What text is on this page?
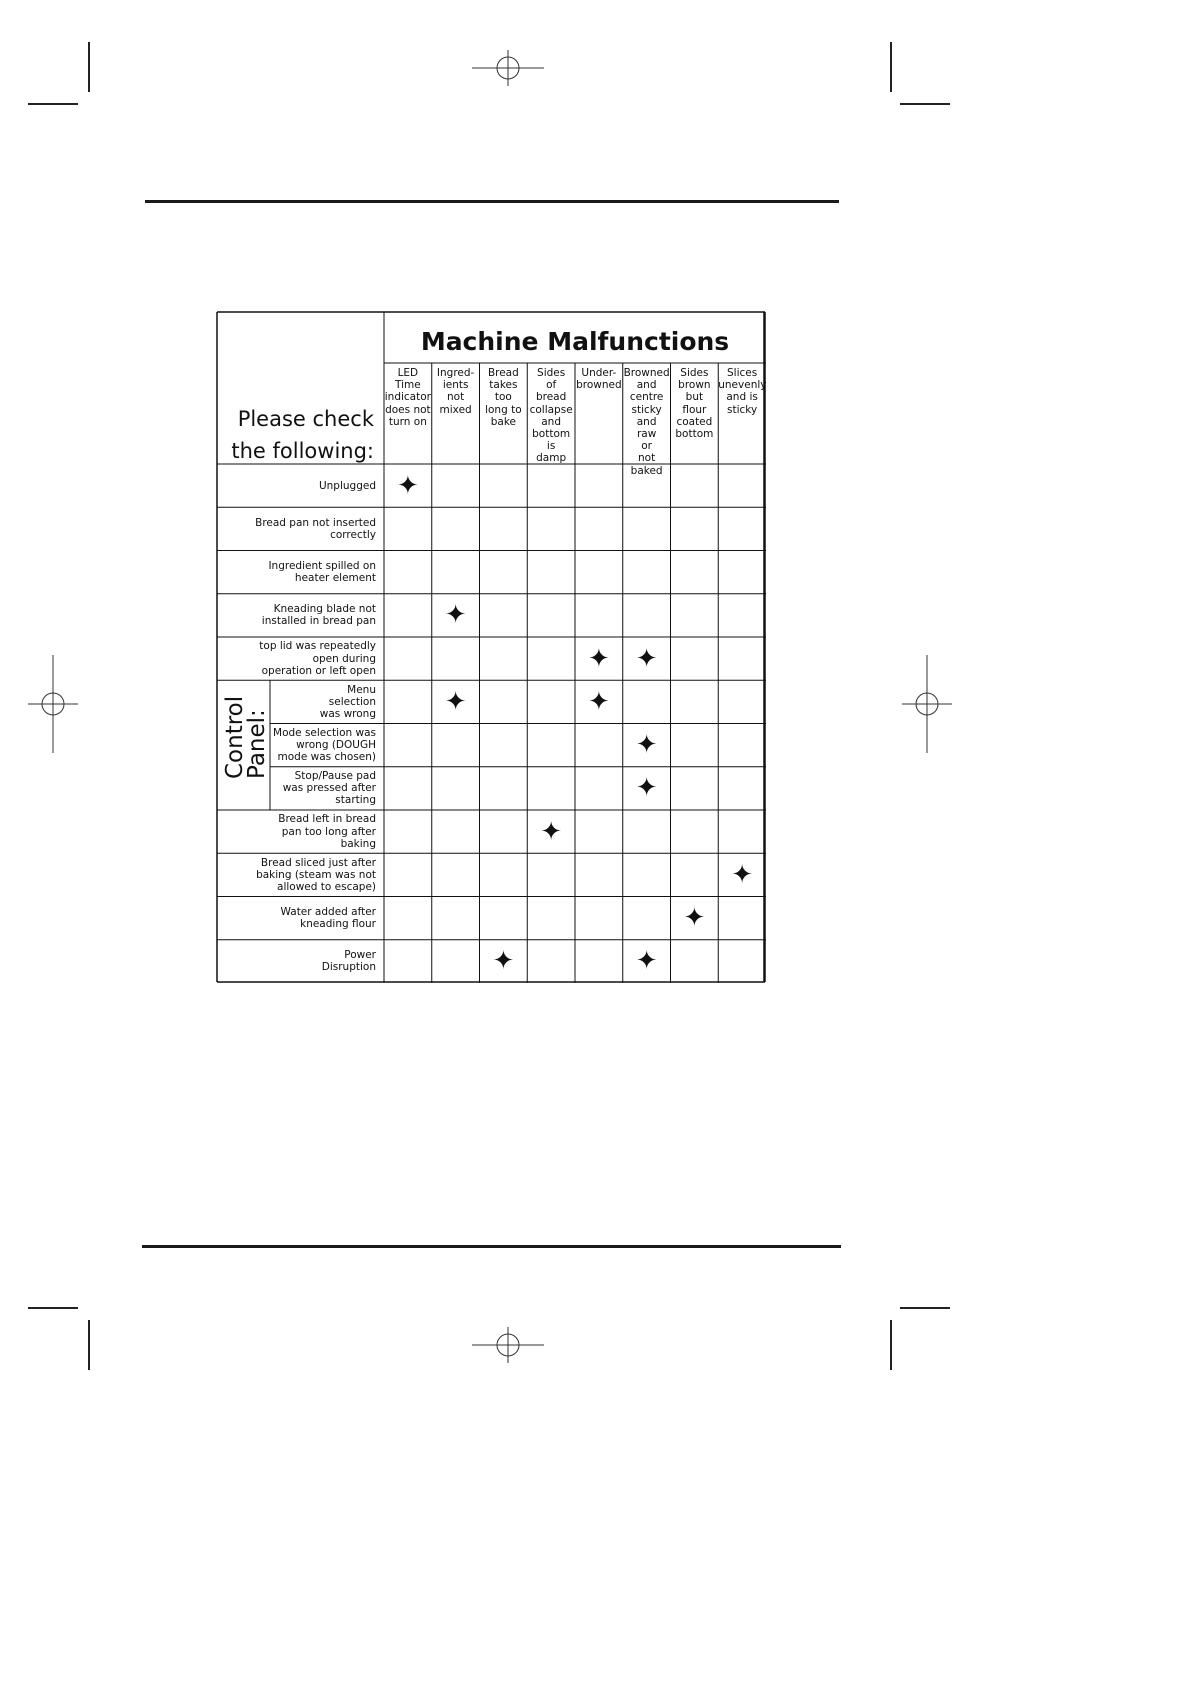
Machine Malfunctions
Please check
the following:
Control
Panel:
LED
Time
indicator
does not
turn on
Ingred-
ients
not
mixed
Bread
takes
too
long to
bake
Sides
of
bread
collapse
and
bottom
is
damp
Under-
browned
Browned
and
centre
sticky
and
raw
or
not
baked
Sides
brown
but
flour
coated
bottom
Slices
unevenly
and is
sticky
Unplugged
Bread pan not inserted
correctly
Ingredient spilled on
heater element
Kneading blade not
installed in bread pan
top lid was repeatedly
open during
operation or left open
Menu
selection
was wrong
Mode selection was
wrong (DOUGH
mode was chosen)
Stop/Pause pad
was pressed after
starting
Bread left in bread
pan too long after
baking
Bread sliced just after
baking (steam was not
allowed to escape)
Water added after
kneading flour
Power
Disruption
✦
✦
✦ ✦
✦	✦
✦
✦
✦
✦
✦
✦	✦
